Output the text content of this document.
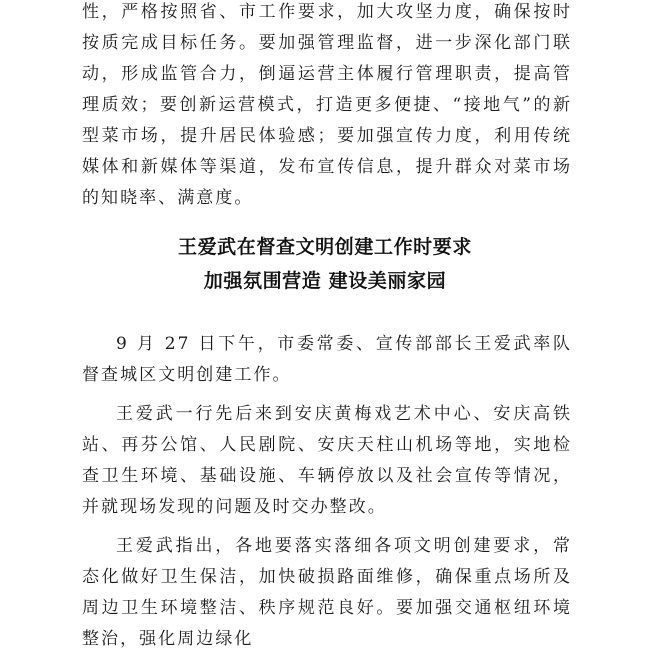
性，严格按照省、市工作要求，加大攻坚力度，确保按时按质完成目标任务。要加强管理监督，进一步深化部门联动，形成监管合力，倒逼运营主体履行管理职责，提高管理质效；要创新运营模式，打造更多便捷、“接地气”的新型菜市场，提升居民体验感；要加强宣传力度，利用传统媒体和新媒体等渠道，发布宣传信息，提升群众对菜市场的知晓率、满意度。

王爱武在督查文明创建工作时要求
加强氛围营造 建设美丽家园

9 月 27 日下午，市委常委、宣传部部长王爱武率队督查城区文明创建工作。

王爱武一行先后来到安庆黄梅戏艺术中心、安庆高铁站、再芬公馆、人民剧院、安庆天柱山机场等地，实地检查卫生环境、基础设施、车辆停放以及社会宣传等情况，并就现场发现的问题及时交办整改。

王爱武指出，各地要落实落细各项文明创建要求，常态化做好卫生保洁，加快破损路面维修，确保重点场所及周边卫生环境整洁、秩序规范良好。要加强交通枢纽环境整治，强化周边绿化
